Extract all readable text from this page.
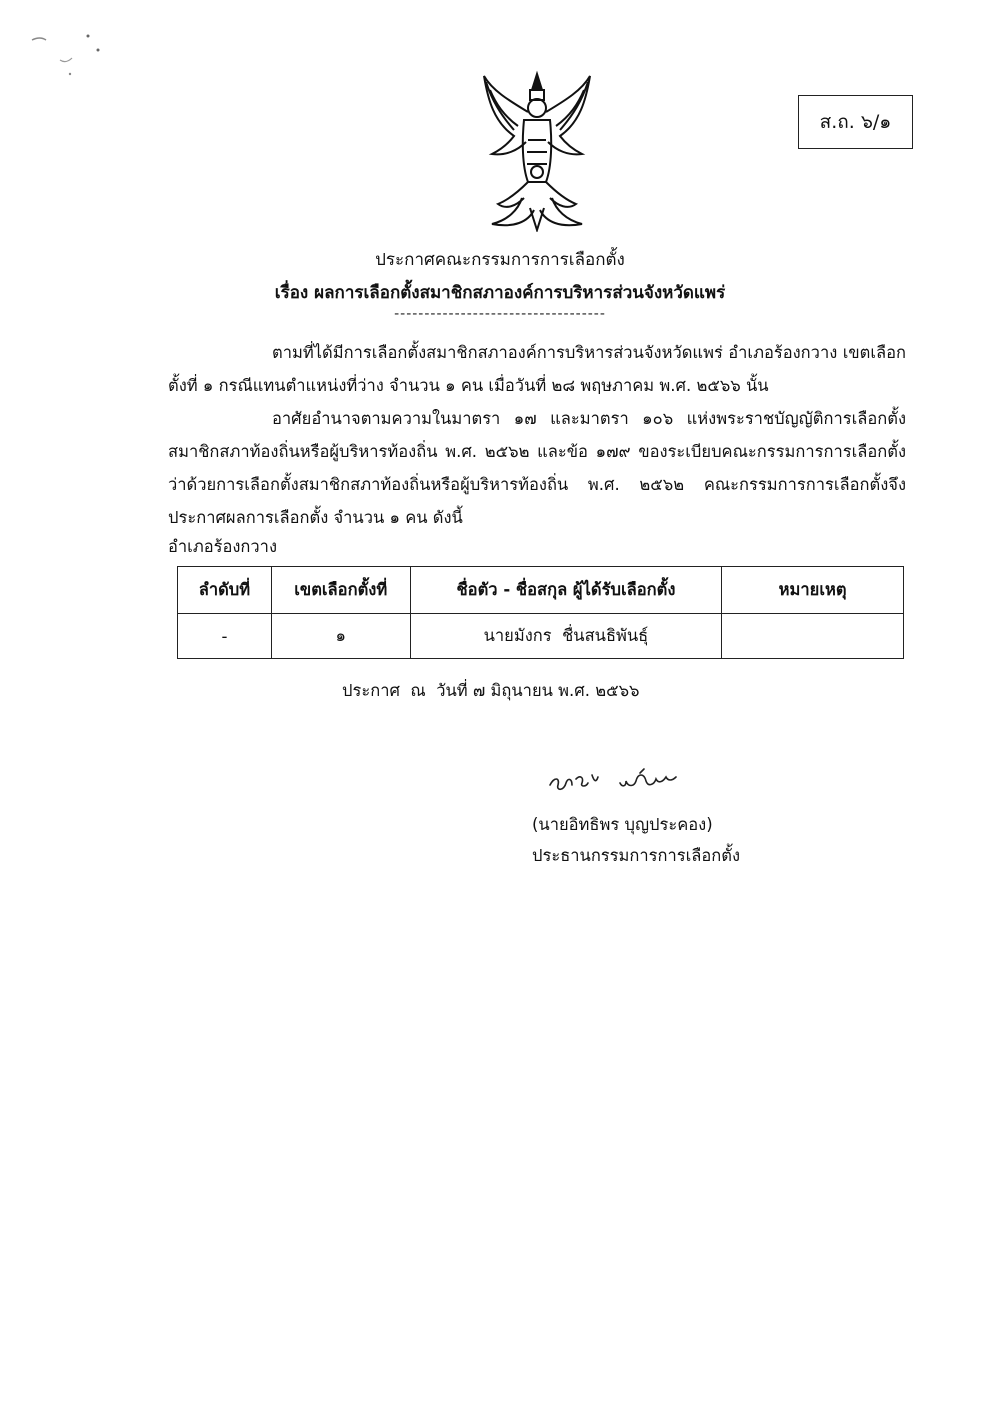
ส.ถ. ๖/๑
ประกาศคณะกรรมการการเลือกตั้ง
เรื่อง ผลการเลือกตั้งสมาชิกสภาองค์การบริหารส่วนจังหวัดแพร่
-----------------------------------
ตามที่ได้มีการเลือกตั้งสมาชิกสภาองค์การบริหารส่วนจังหวัดแพร่ อำเภอร้องกวาง เขตเลือกตั้งที่ ๑ กรณีแทนตำแหน่งที่ว่าง จำนวน ๑ คน เมื่อวันที่ ๒๘ พฤษภาคม พ.ศ. ๒๕๖๖ นั้น
อาศัยอำนาจตามความในมาตรา ๑๗ และมาตรา ๑๐๖ แห่งพระราชบัญญัติการเลือกตั้งสมาชิกสภาท้องถิ่นหรือผู้บริหารท้องถิ่น พ.ศ. ๒๕๖๒ และข้อ ๑๗๙ ของระเบียบคณะกรรมการการเลือกตั้งว่าด้วยการเลือกตั้งสมาชิกสภาท้องถิ่นหรือผู้บริหารท้องถิ่น พ.ศ. ๒๕๖๒ คณะกรรมการการเลือกตั้งจึงประกาศผลการเลือกตั้ง จำนวน ๑ คน ดังนี้
อำเภอร้องกวาง
ลำดับที่	เขตเลือกตั้งที่	ชื่อตัว - ชื่อสกุล ผู้ได้รับเลือกตั้ง	หมายเหตุ
-	๑	นายมังกร  ชื่นสนธิพันธุ์	
ประกาศ  ณ  วันที่ ๗ มิถุนายน พ.ศ. ๒๕๖๖
(นายอิทธิพร บุญประคอง)
ประธานกรรมการการเลือกตั้ง
